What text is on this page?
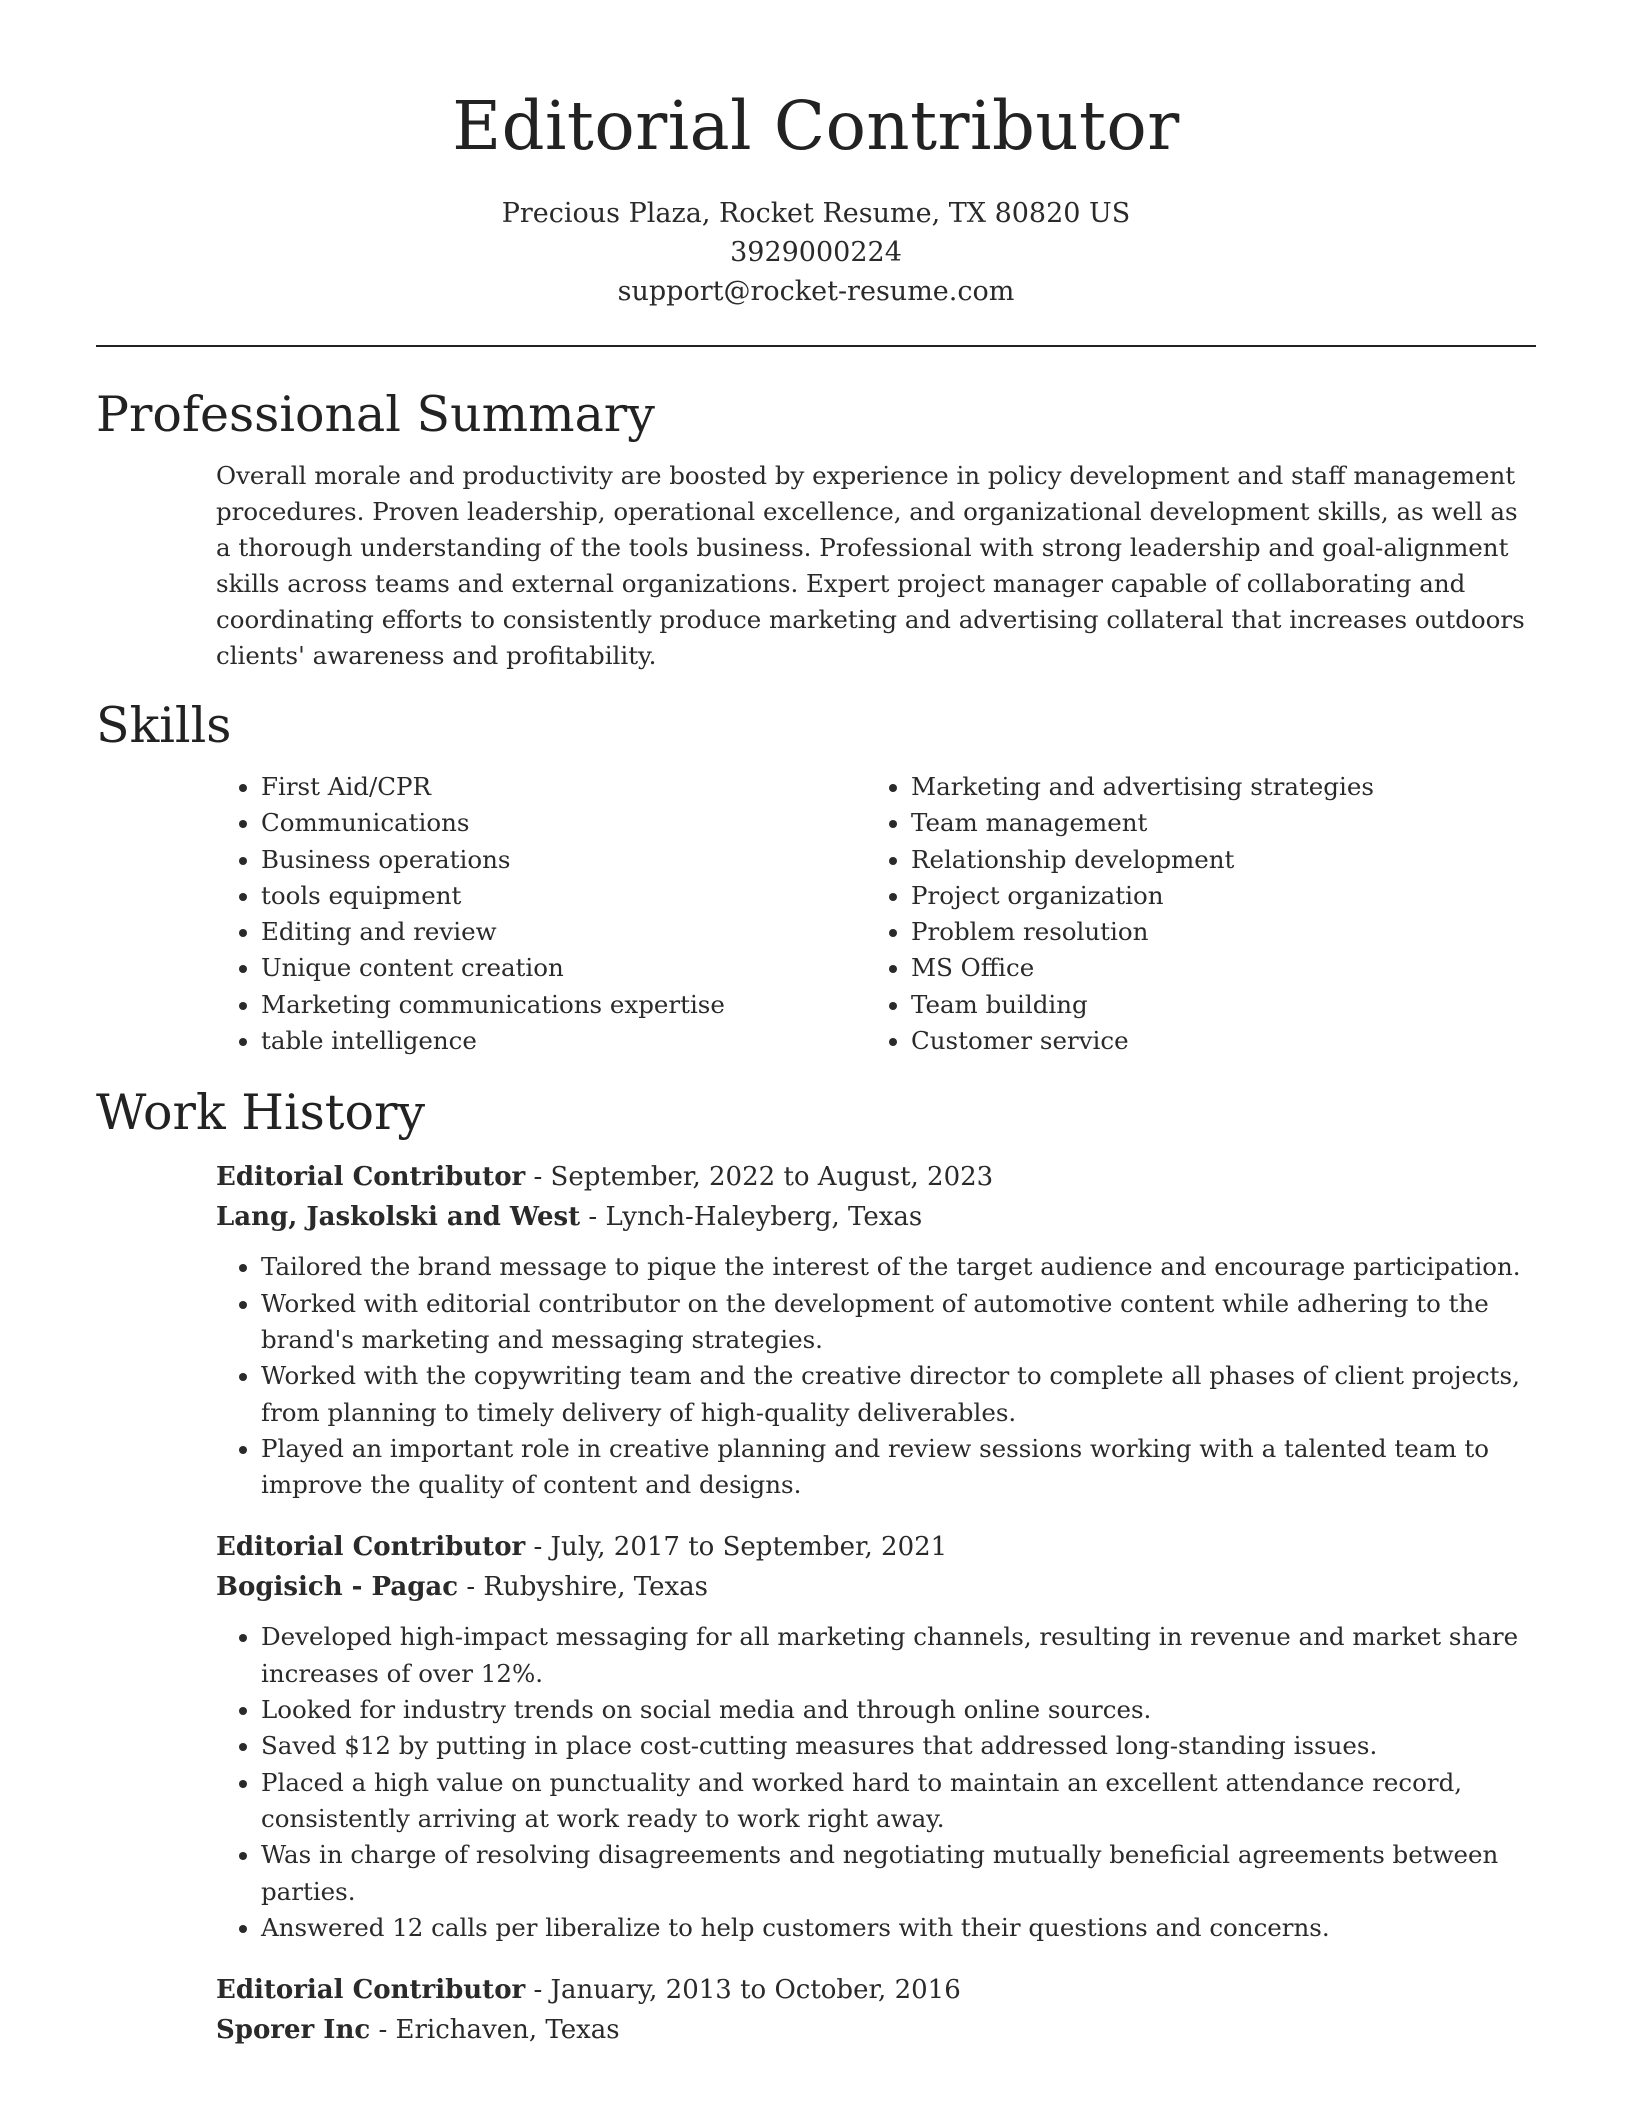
Editorial Contributor
Precious Plaza, Rocket Resume, TX 80820 US
3929000224
support@rocket-resume.com
Professional Summary

Overall morale and productivity are boosted by experience in policy development and staff management procedures. Proven leadership, operational excellence, and organizational development skills, as well as a thorough understanding of the tools business. Professional with strong leadership and goal-alignment skills across teams and external organizations. Expert project manager capable of collaborating and coordinating efforts to consistently produce marketing and advertising collateral that increases outdoors clients' awareness and profitability.

Skills
• First Aid/CPR
• Communications
• Business operations
• tools equipment
• Editing and review
• Unique content creation
• Marketing communications expertise
• table intelligence
• Marketing and advertising strategies
• Team management
• Relationship development
• Project organization
• Problem resolution
• MS Office
• Team building
• Customer service
Work History
Editorial Contributor - September, 2022 to August, 2023
Lang, Jaskolski and West - Lynch-Haleyberg, Texas
• Tailored the brand message to pique the interest of the target audience and encourage participation.
• Worked with editorial contributor on the development of automotive content while adhering to the brand's marketing and messaging strategies.
• Worked with the copywriting team and the creative director to complete all phases of client projects, from planning to timely delivery of high-quality deliverables.
• Played an important role in creative planning and review sessions working with a talented team to improve the quality of content and designs.
Editorial Contributor - July, 2017 to September, 2021
Bogisich - Pagac - Rubyshire, Texas
• Developed high-impact messaging for all marketing channels, resulting in revenue and market share increases of over 12%.
• Looked for industry trends on social media and through online sources.
• Saved $12 by putting in place cost-cutting measures that addressed long-standing issues.
• Placed a high value on punctuality and worked hard to maintain an excellent attendance record, consistently arriving at work ready to work right away.
• Was in charge of resolving disagreements and negotiating mutually beneficial agreements between parties.
• Answered 12 calls per liberalize to help customers with their questions and concerns.
Editorial Contributor - January, 2013 to October, 2016
Sporer Inc - Erichaven, Texas
